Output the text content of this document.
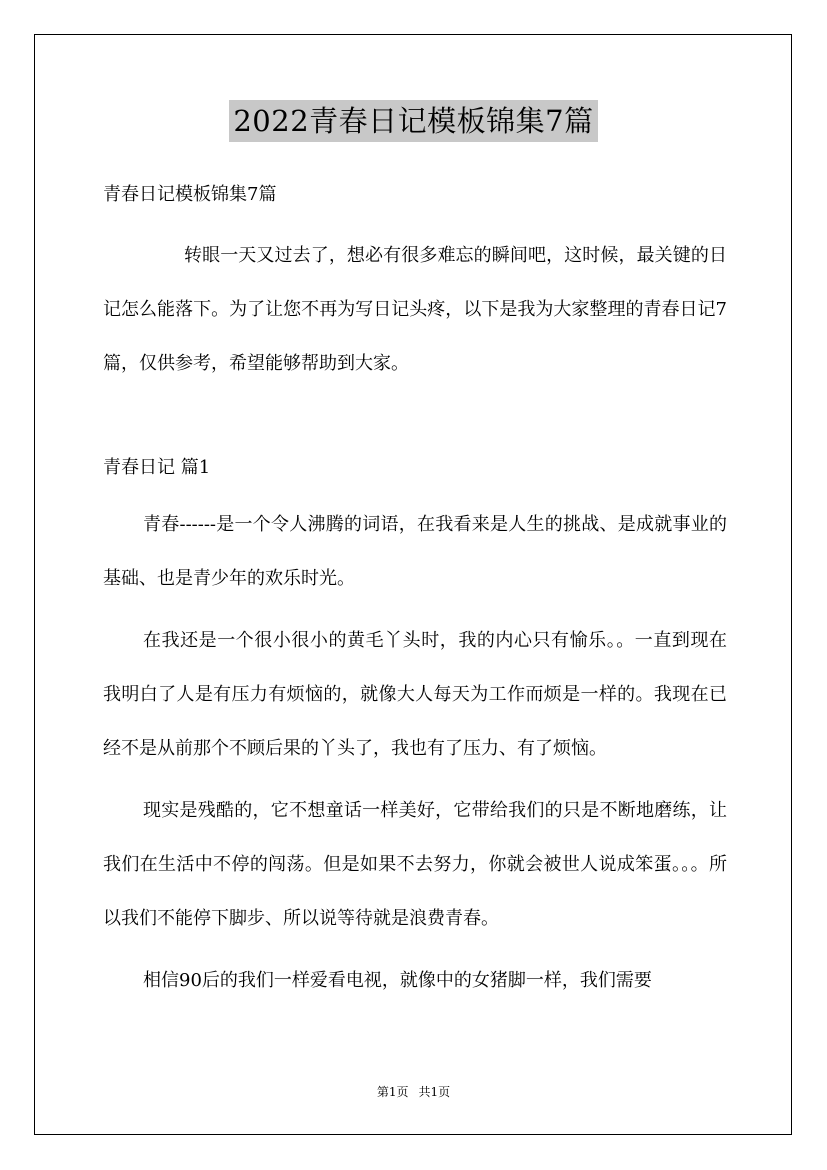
2022青春日记模板锦集7篇

青春日记模板锦集7篇

转眼一天又过去了，想必有很多难忘的瞬间吧，这时候，最关键的日记怎么能落下。为了让您不再为写日记头疼，以下是我为大家整理的青春日记7篇，仅供参考，希望能够帮助到大家。

青春日记 篇1

青春------是一个令人沸腾的词语，在我看来是人生的挑战、是成就事业的基础、也是青少年的欢乐时光。

在我还是一个很小很小的黄毛丫头时，我的内心只有愉乐。。一直到现在我明白了人是有压力有烦恼的，就像大人每天为工作而烦是一样的。我现在已经不是从前那个不顾后果的丫头了，我也有了压力、有了烦恼。

现实是残酷的，它不想童话一样美好，它带给我们的只是不断地磨练，让我们在生活中不停的闯荡。但是如果不去努力，你就会被世人说成笨蛋。。。所以我们不能停下脚步、所以说等待就是浪费青春。

相信90后的我们一样爱看电视，就像中的女猪脚一样，我们需要

第1页 共1页
